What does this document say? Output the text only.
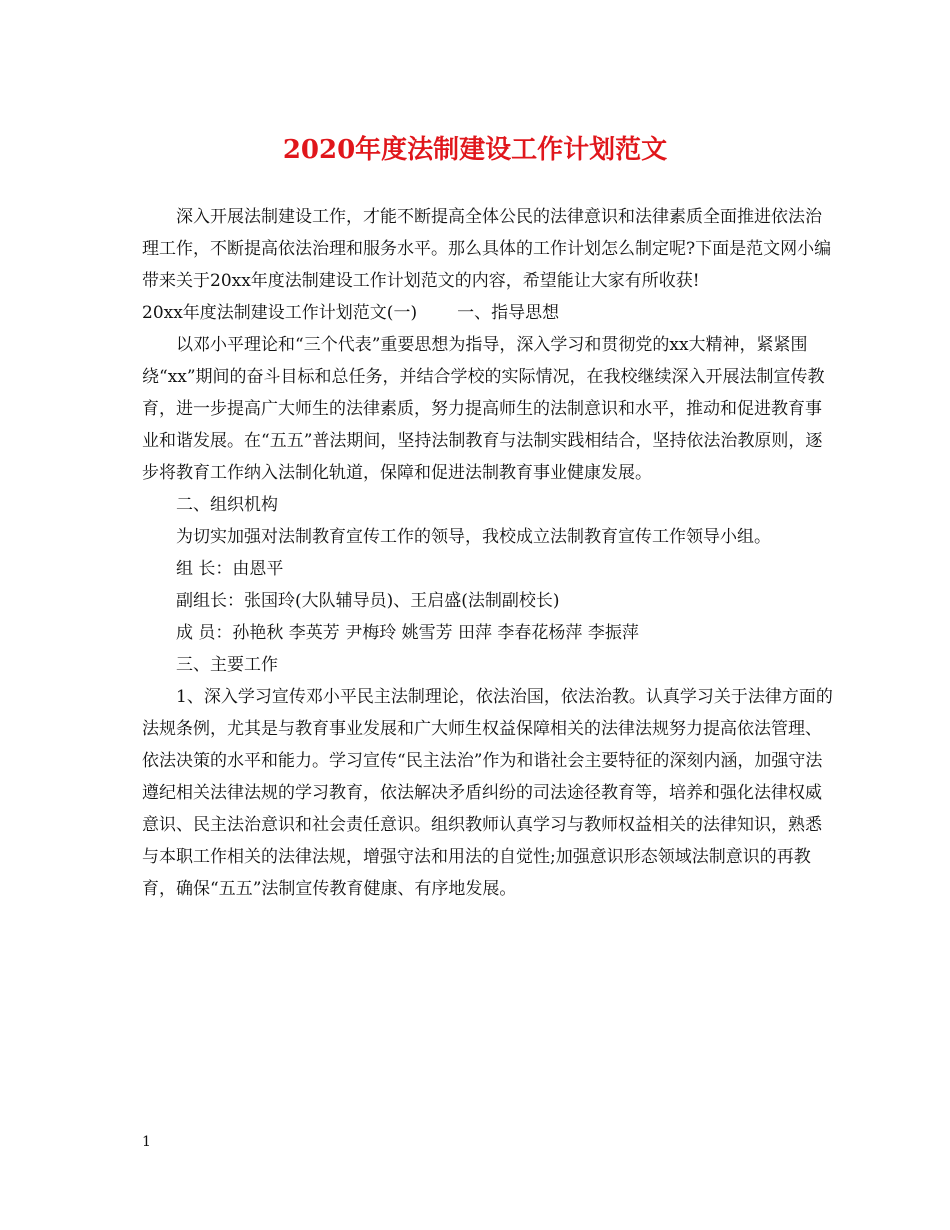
2020年度法制建设工作计划范文

深入开展法制建设工作，才能不断提高全体公民的法律意识和法律素质全面推进依法治理工作，不断提高依法治理和服务水平。那么具体的工作计划怎么制定呢?下面是范文网小编带来关于20xx年度法制建设工作计划范文的内容，希望能让大家有所收获!

20xx年度法制建设工作计划范文(一) 一、指导思想

以邓小平理论和“三个代表”重要思想为指导，深入学习和贯彻党的xx大精神，紧紧围绕“xx”期间的奋斗目标和总任务，并结合学校的实际情况，在我校继续深入开展法制宣传教育，进一步提高广大师生的法律素质，努力提高师生的法制意识和水平，推动和促进教育事业和谐发展。在“五五”普法期间，坚持法制教育与法制实践相结合，坚持依法治教原则，逐步将教育工作纳入法制化轨道，保障和促进法制教育事业健康发展。

二、组织机构

为切实加强对法制教育宣传工作的领导，我校成立法制教育宣传工作领导小组。

组 长：由恩平

副组长：张国玲(大队辅导员)、王启盛(法制副校长)

成 员：孙艳秋 李英芳 尹梅玲 姚雪芳 田萍 李春花杨萍 李振萍

三、主要工作

1、深入学习宣传邓小平民主法制理论，依法治国，依法治教。认真学习关于法律方面的法规条例，尤其是与教育事业发展和广大师生权益保障相关的法律法规努力提高依法管理、依法决策的水平和能力。学习宣传“民主法治”作为和谐社会主要特征的深刻内涵，加强守法遵纪相关法律法规的学习教育，依法解决矛盾纠纷的司法途径教育等，培养和强化法律权威意识、民主法治意识和社会责任意识。组织教师认真学习与教师权益相关的法律知识，熟悉与本职工作相关的法律法规，增强守法和用法的自觉性;加强意识形态领域法制意识的再教育，确保“五五”法制宣传教育健康、有序地发展。

1
